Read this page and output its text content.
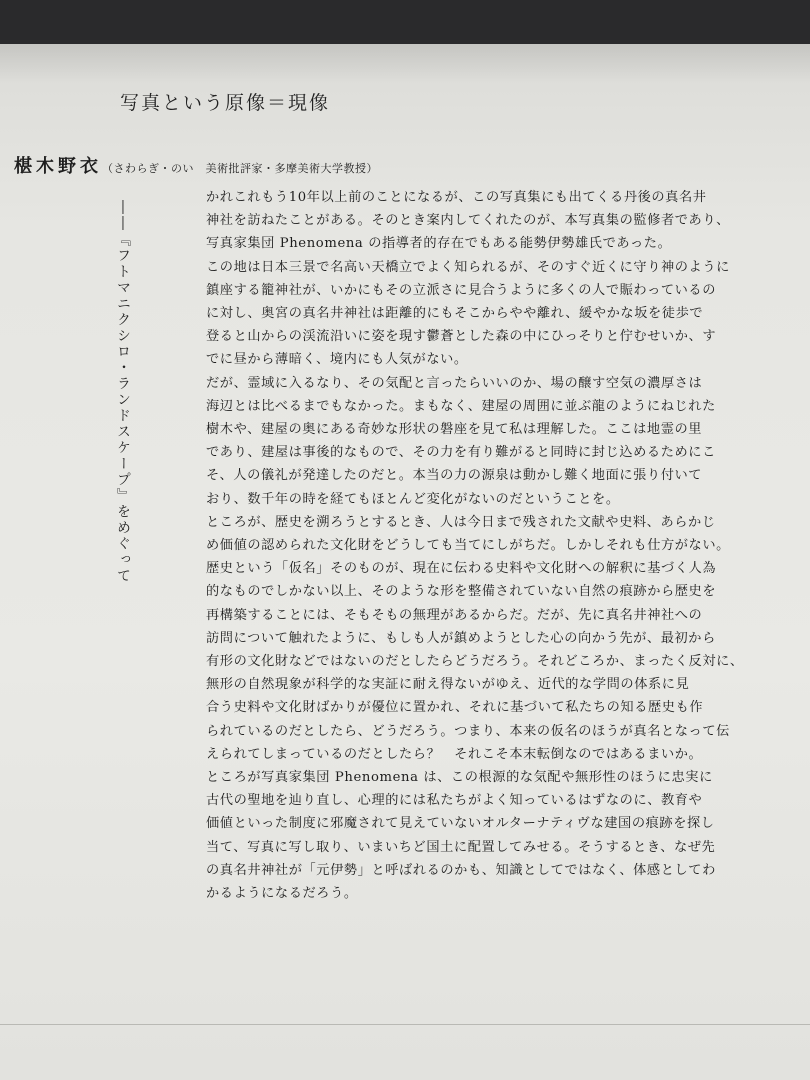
写真という原像＝現像
椹木野衣（さわらぎ・のい　美術批評家・多摩美術大学教授）
――『フトマニクシロ・ランドスケープ』をめぐって

かれこれもう10年以上前のことになるが、この写真集にも出てくる丹後の真名井

神社を訪ねたことがある。そのとき案内してくれたのが、本写真集の監修者であり、

写真家集団 Phenomena の指導者的存在でもある能勢伊勢雄氏であった。

この地は日本三景で名高い天橋立でよく知られるが、そのすぐ近くに守り神のように

鎮座する籠神社が、いかにもその立派さに見合うように多くの人で賑わっているの

に対し、奥宮の真名井神社は距離的にもそこからやや離れ、緩やかな坂を徒歩で

登ると山からの渓流沿いに姿を現す鬱蒼とした森の中にひっそりと佇むせいか、す

でに昼から薄暗く、境内にも人気がない。

だが、霊域に入るなり、その気配と言ったらいいのか、場の醸す空気の濃厚さは

海辺とは比べるまでもなかった。まもなく、建屋の周囲に並ぶ龍のようにねじれた

樹木や、建屋の奥にある奇妙な形状の磐座を見て私は理解した。ここは地霊の里

であり、建屋は事後的なもので、その力を有り難がると同時に封じ込めるためにこ

そ、人の儀礼が発達したのだと。本当の力の源泉は動かし難く地面に張り付いて

おり、数千年の時を経てもほとんど変化がないのだということを。

ところが、歴史を溯ろうとするとき、人は今日まで残された文献や史料、あらかじ

め価値の認められた文化財をどうしても当てにしがちだ。しかしそれも仕方がない。

歴史という「仮名」そのものが、現在に伝わる史料や文化財への解釈に基づく人為

的なものでしかない以上、そのような形を整備されていない自然の痕跡から歴史を

再構築することには、そもそもの無理があるからだ。だが、先に真名井神社への

訪問について触れたように、もしも人が鎮めようとした心の向かう先が、最初から

有形の文化財などではないのだとしたらどうだろう。それどころか、まったく反対に、

無形の自然現象が科学的な実証に耐え得ないがゆえ、近代的な学問の体系に見

合う史料や文化財ばかりが優位に置かれ、それに基づいて私たちの知る歴史も作

られているのだとしたら、どうだろう。つまり、本来の仮名のほうが真名となって伝

えられてしまっているのだとしたら？　それこそ本末転倒なのではあるまいか。

ところが写真家集団 Phenomena は、この根源的な気配や無形性のほうに忠実に

古代の聖地を辿り直し、心理的には私たちがよく知っているはずなのに、教育や

価値といった制度に邪魔されて見えていないオルターナティヴな建国の痕跡を探し

当て、写真に写し取り、いまいちど国土に配置してみせる。そうするとき、なぜ先

の真名井神社が「元伊勢」と呼ばれるのかも、知識としてではなく、体感としてわ

かるようになるだろう。
